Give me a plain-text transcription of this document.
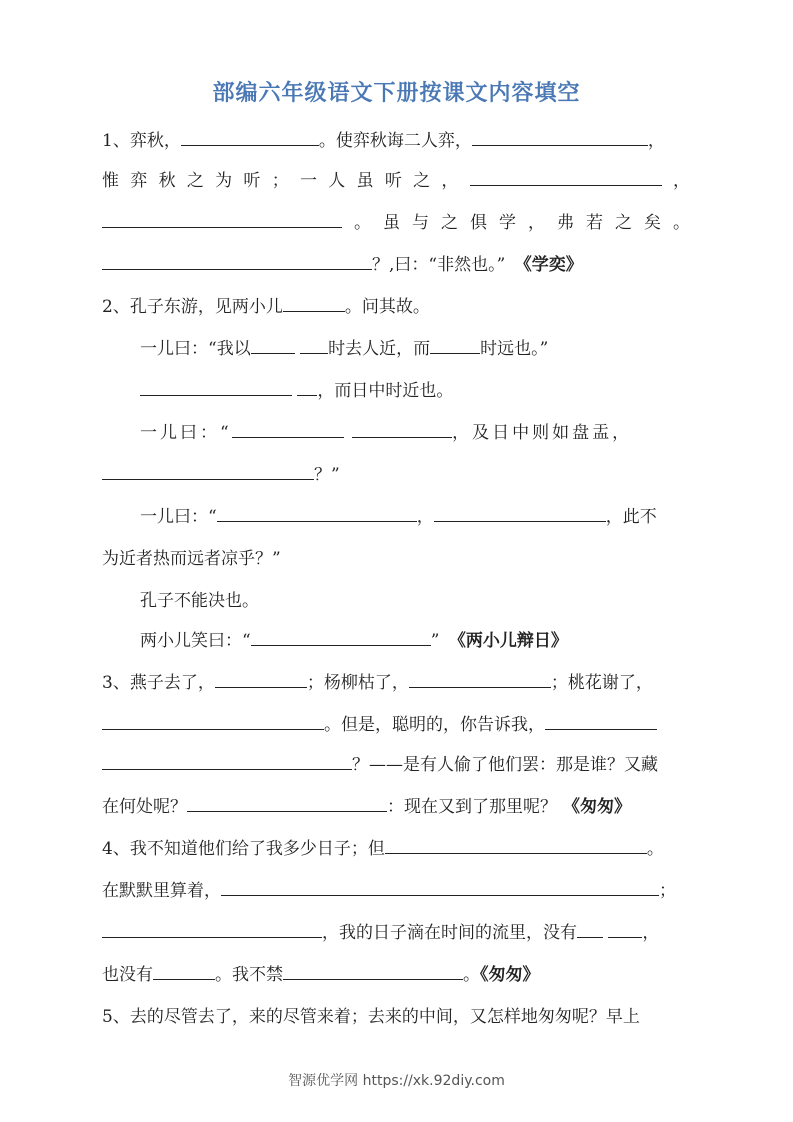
部编六年级语文下册按课文内容填空
1、弈秋，	。使弈秋诲二人弈，	，
惟 弈 秋 之 为 听 ； 一 人 虽 听 之 ，	，
。 虽 与 之 俱 学 ， 弗 若 之 矣 。
？,曰：“非然也。” 《学奕》
2、孔子东游，见两小儿	。问其故。
一儿曰：“我以	时去人近，而	时远也。”
，而日中时近也。
一儿曰：“	，及日中则如盘盂，
？”
一儿曰：“	，	，此不
为近者热而远者凉乎？”
孔子不能决也。
两小儿笑曰：“	” 《两小儿辩日》
3、燕子去了，	；杨柳枯了，	；桃花谢了，
。但是，聪明的，你告诉我，
？——是有人偷了他们罢：那是谁？又藏
在何处呢？	：现在又到了那里呢？ 《匆匆》
4、我不知道他们给了我多少日子；但	。
在默默里算着，	；
，我的日子滴在时间的流里，没有	，
也没有	。我不禁	。《匆匆》
5、去的尽管去了，来的尽管来着；去来的中间，又怎样地匆匆呢？早上
智源优学网 https://xk.92diy.com
